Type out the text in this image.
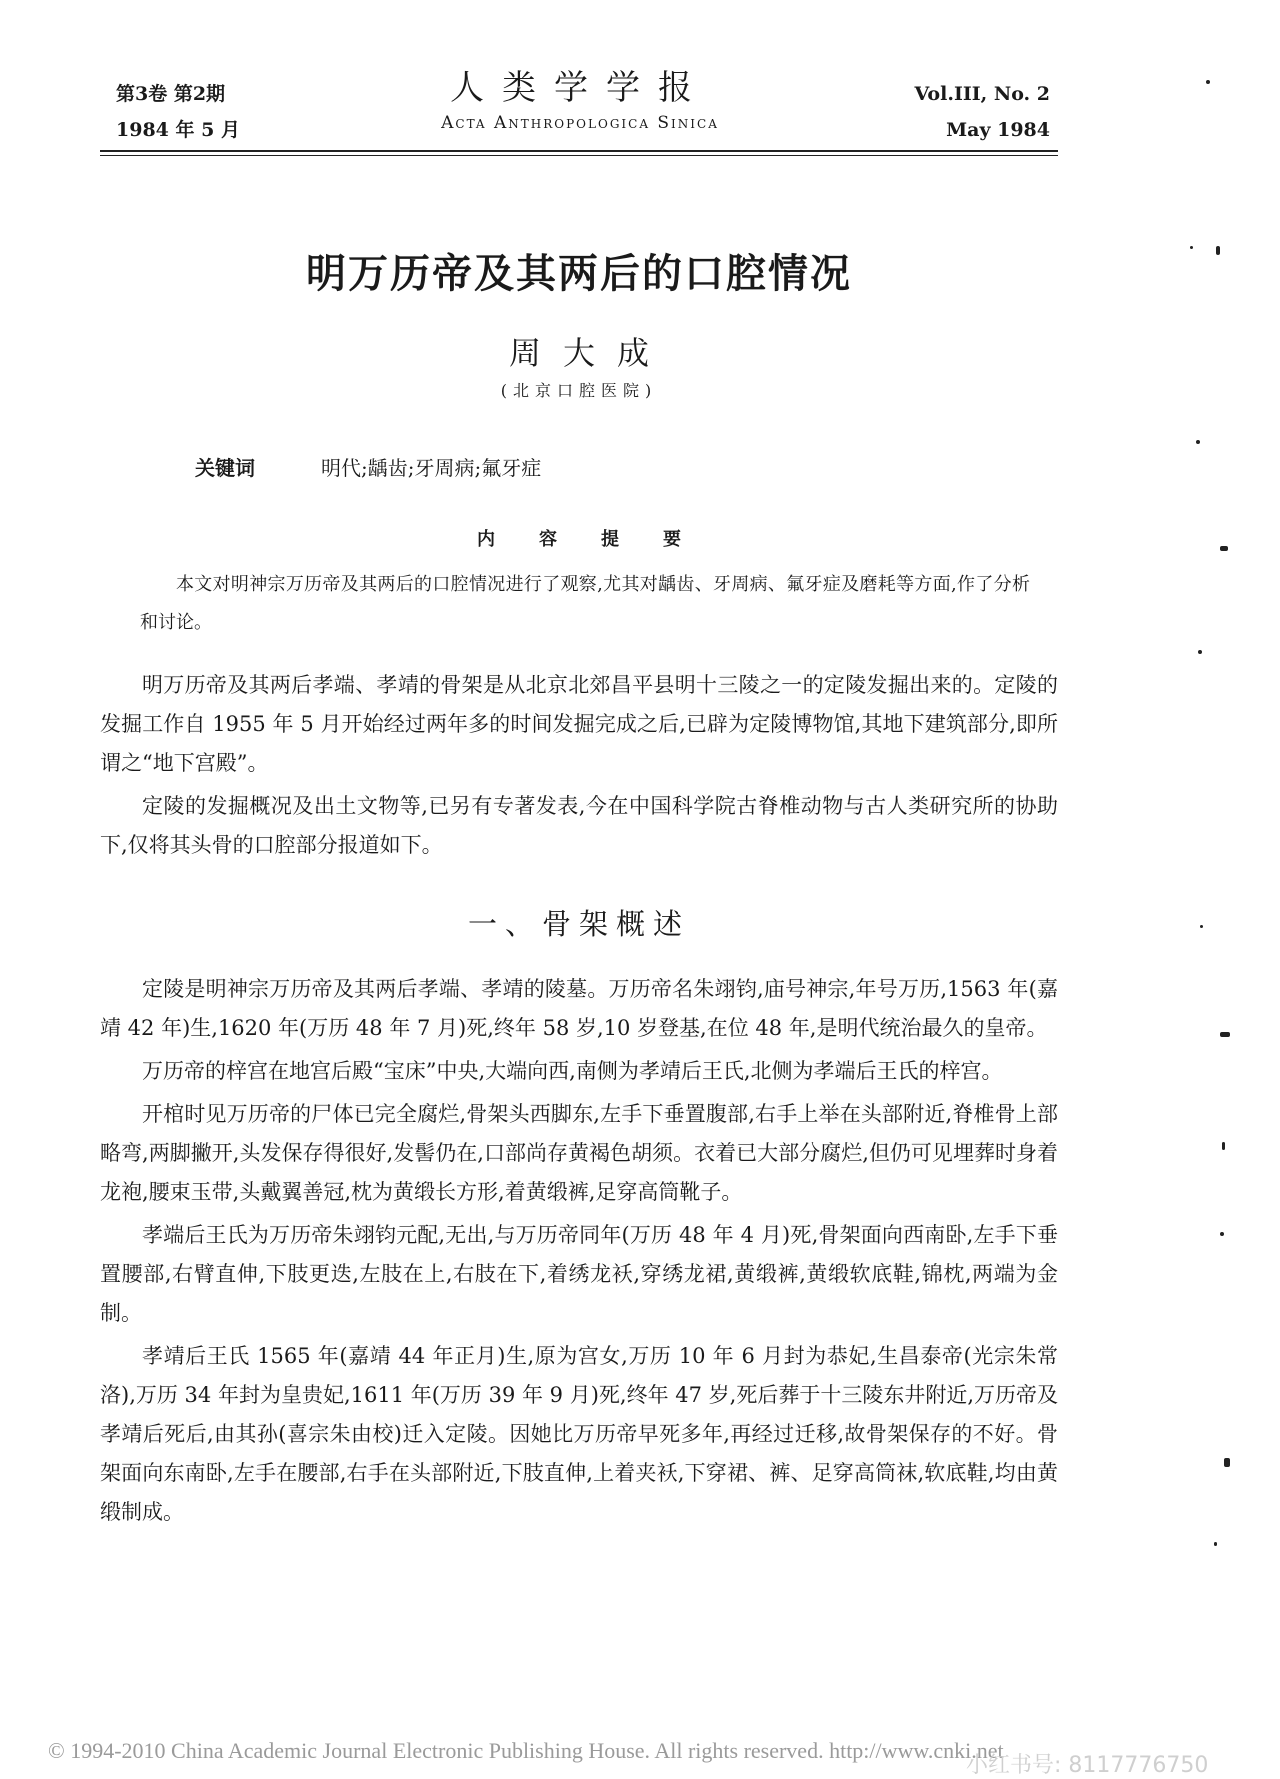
第3卷 第2期
1984 年 5 月
人类学学报
Acta Anthropologica Sinica
Vol.III, No. 2
May 1984
明万历帝及其两后的口腔情况
周大成
(北京口腔医院)
关键词	明代;龋齿;牙周病;氟牙症
内容提要
本文对明神宗万历帝及其两后的口腔情况进行了观察,尤其对龋齿、牙周病、氟牙症及磨耗等方面,作了分析和讨论。

明万历帝及其两后孝端、孝靖的骨架是从北京北郊昌平县明十三陵之一的定陵发掘出来的。定陵的发掘工作自 1955 年 5 月开始经过两年多的时间发掘完成之后,已辟为定陵博物馆,其地下建筑部分,即所谓之“地下宫殿”。

定陵的发掘概况及出土文物等,已另有专著发表,今在中国科学院古脊椎动物与古人类研究所的协助下,仅将其头骨的口腔部分报道如下。

一、骨架概述

定陵是明神宗万历帝及其两后孝端、孝靖的陵墓。万历帝名朱翊钧,庙号神宗,年号万历,1563 年(嘉靖 42 年)生,1620 年(万历 48 年 7 月)死,终年 58 岁,10 岁登基,在位 48 年,是明代统治最久的皇帝。

万历帝的梓宫在地宫后殿“宝床”中央,大端向西,南侧为孝靖后王氏,北侧为孝端后王氏的梓宫。

开棺时见万历帝的尸体已完全腐烂,骨架头西脚东,左手下垂置腹部,右手上举在头部附近,脊椎骨上部略弯,两脚撇开,头发保存得很好,发髻仍在,口部尚存黄褐色胡须。衣着已大部分腐烂,但仍可见埋葬时身着龙袍,腰束玉带,头戴翼善冠,枕为黄缎长方形,着黄缎裤,足穿高筒靴子。

孝端后王氏为万历帝朱翊钧元配,无出,与万历帝同年(万历 48 年 4 月)死,骨架面向西南卧,左手下垂置腰部,右臂直伸,下肢更迭,左肢在上,右肢在下,着绣龙袄,穿绣龙裙,黄缎裤,黄缎软底鞋,锦枕,两端为金制。

孝靖后王氏 1565 年(嘉靖 44 年正月)生,原为宫女,万历 10 年 6 月封为恭妃,生昌泰帝(光宗朱常洛),万历 34 年封为皇贵妃,1611 年(万历 39 年 9 月)死,终年 47 岁,死后葬于十三陵东井附近,万历帝及孝靖后死后,由其孙(喜宗朱由校)迁入定陵。因她比万历帝早死多年,再经过迁移,故骨架保存的不好。骨架面向东南卧,左手在腰部,右手在头部附近,下肢直伸,上着夹袄,下穿裙、裤、足穿高筒袜,软底鞋,均由黄缎制成。

© 1994-2010 China Academic Journal Electronic Publishing House. All rights reserved. http://www.cnki.net
小红书号: 8117776750
